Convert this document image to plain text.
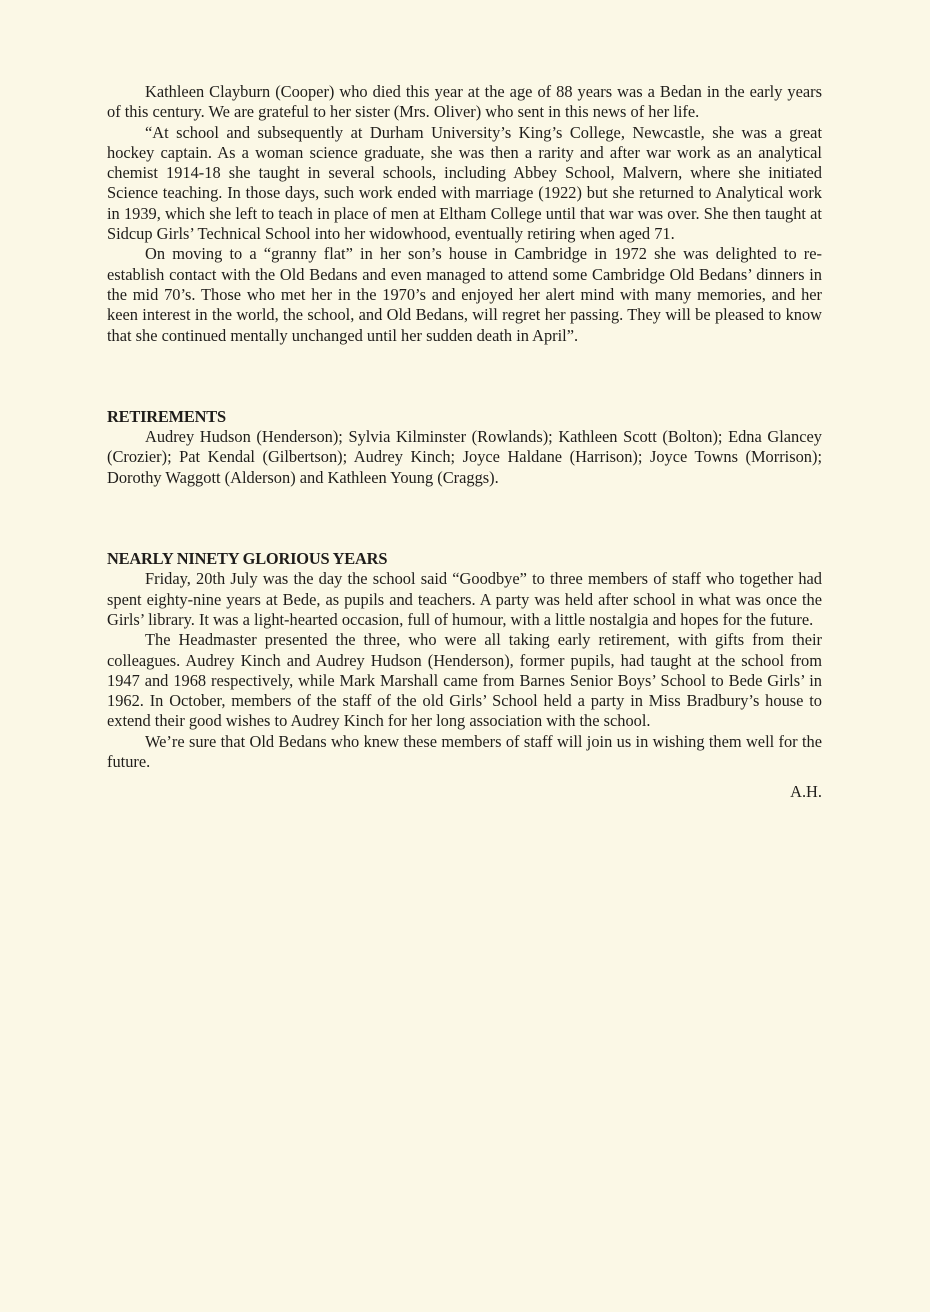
Kathleen Clayburn (Cooper) who died this year at the age of 88 years was a Bedan in the early years of this century. We are grateful to her sister (Mrs. Oliver) who sent in this news of her life.

“At school and subsequently at Durham University’s King’s College, Newcastle, she was a great hockey captain. As a woman science graduate, she was then a rarity and after war work as an analytical chemist 1914-18 she taught in several schools, including Abbey School, Malvern, where she initiated Science teaching. In those days, such work ended with marriage (1922) but she returned to Analytical work in 1939, which she left to teach in place of men at Eltham College until that war was over. She then taught at Sidcup Girls’ Technical School into her widowhood, eventually retiring when aged 71.

On moving to a “granny flat” in her son’s house in Cambridge in 1972 she was delighted to re-establish contact with the Old Bedans and even managed to attend some Cambridge Old Bedans’ dinners in the mid 70’s. Those who met her in the 1970’s and enjoyed her alert mind with many memories, and her keen interest in the world, the school, and Old Bedans, will regret her passing. They will be pleased to know that she continued mentally unchanged until her sudden death in April”.

RETIREMENTS

Audrey Hudson (Henderson); Sylvia Kilminster (Rowlands); Kathleen Scott (Bolton); Edna Glancey (Crozier); Pat Kendal (Gilbertson); Audrey Kinch; Joyce Haldane (Harrison); Joyce Towns (Morrison); Dorothy Waggott (Alderson) and Kathleen Young (Craggs).

NEARLY NINETY GLORIOUS YEARS

Friday, 20th July was the day the school said “Goodbye” to three members of staff who together had spent eighty-nine years at Bede, as pupils and teachers. A party was held after school in what was once the Girls’ library. It was a light-hearted occasion, full of humour, with a little nostalgia and hopes for the future.

The Headmaster presented the three, who were all taking early retirement, with gifts from their colleagues. Audrey Kinch and Audrey Hudson (Henderson), former pupils, had taught at the school from 1947 and 1968 respectively, while Mark Marshall came from Barnes Senior Boys’ School to Bede Girls’ in 1962. In October, members of the staff of the old Girls’ School held a party in Miss Bradbury’s house to extend their good wishes to Audrey Kinch for her long association with the school.

We’re sure that Old Bedans who knew these members of staff will join us in wishing them well for the future.

A.H.
